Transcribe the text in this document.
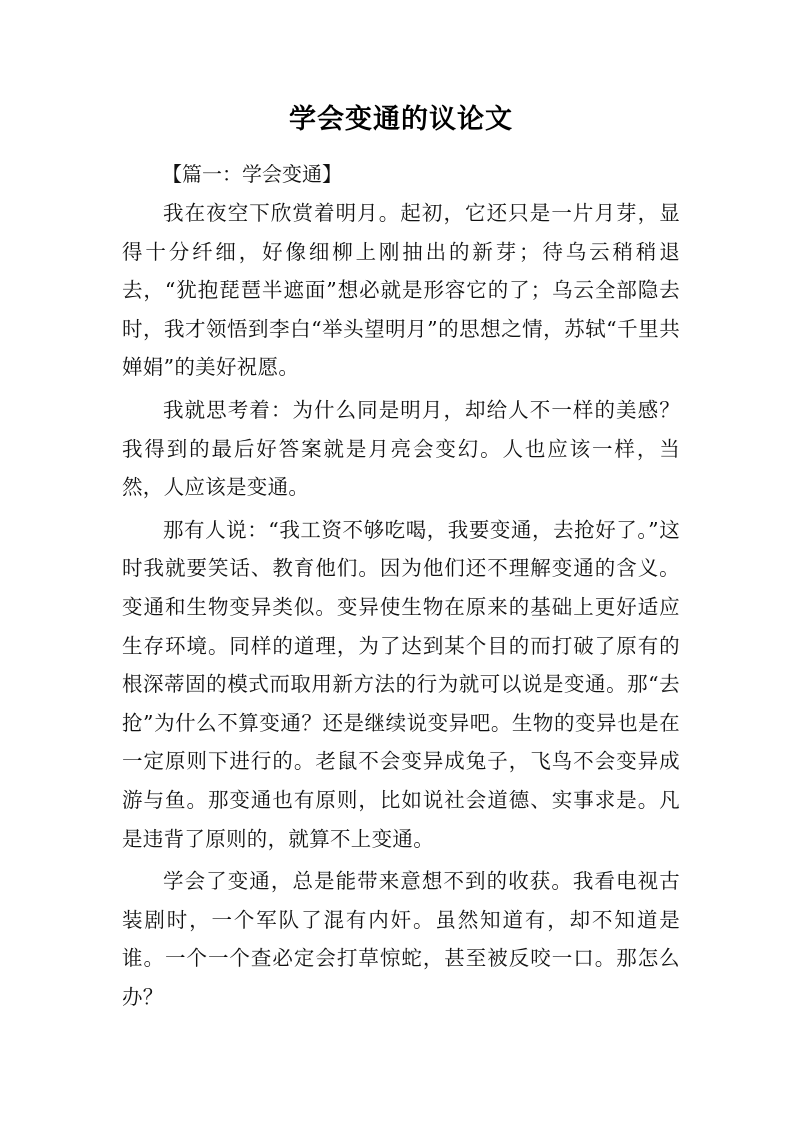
学会变通的议论文
【篇一：学会变通】

我在夜空下欣赏着明月。起初，它还只是一片月芽，显得十分纤细，好像细柳上刚抽出的新芽；待乌云稍稍退去，“犹抱琵琶半遮面”想必就是形容它的了；乌云全部隐去时，我才领悟到李白“举头望明月”的思想之情，苏轼“千里共婵娟”的美好祝愿。

我就思考着：为什么同是明月，却给人不一样的美感？我得到的最后好答案就是月亮会变幻。人也应该一样，当然，人应该是变通。

那有人说：“我工资不够吃喝，我要变通，去抢好了。”这时我就要笑话、教育他们。因为他们还不理解变通的含义。变通和生物变异类似。变异使生物在原来的基础上更好适应生存环境。同样的道理，为了达到某个目的而打破了原有的根深蒂固的模式而取用新方法的行为就可以说是变通。那“去抢”为什么不算变通？还是继续说变异吧。生物的变异也是在一定原则下进行的。老鼠不会变异成兔子，飞鸟不会变异成游与鱼。那变通也有原则，比如说社会道德、实事求是。凡是违背了原则的，就算不上变通。

学会了变通，总是能带来意想不到的收获。我看电视古装剧时，一个军队了混有内奸。虽然知道有，却不知道是谁。一个一个查必定会打草惊蛇，甚至被反咬一口。那怎么办？
